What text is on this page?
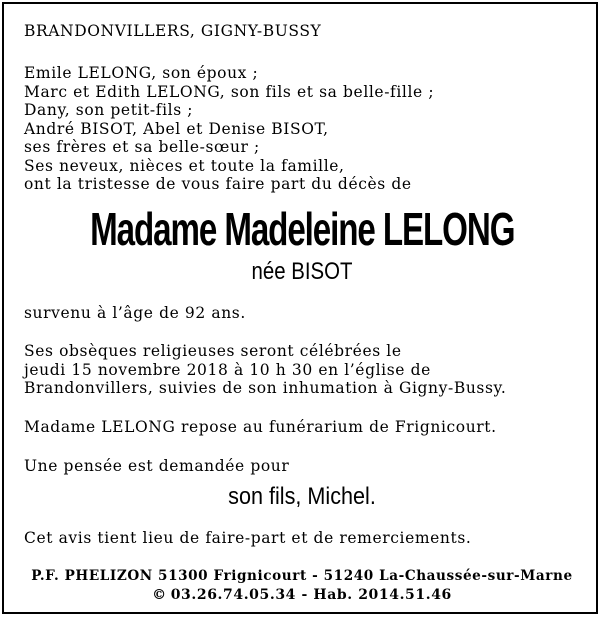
BRANDONVILLERS, GIGNY-BUSSY
Emile LELONG, son époux ;
Marc et Edith LELONG, son fils et sa belle-fille ;
Dany, son petit-fils ;
André BISOT, Abel et Denise BISOT,
ses frères et sa belle-sœur ;
Ses neveux, nièces et toute la famille,
ont la tristesse de vous faire part du décès de
Madame Madeleine LELONG
née BISOT
survenu à l’âge de 92 ans.
Ses obsèques religieuses seront célébrées le
jeudi 15 novembre 2018 à 10 h 30 en l’église de
Brandonvillers, suivies de son inhumation à Gigny-Bussy.
Madame LELONG repose au funérarium de Frignicourt.
Une pensée est demandée pour
son fils, Michel.
Cet avis tient lieu de faire-part et de remerciements.
P.F. PHELIZON 51300 Frignicourt - 51240 La-Chaussée-sur-Marne
© 03.26.74.05.34 - Hab. 2014.51.46
